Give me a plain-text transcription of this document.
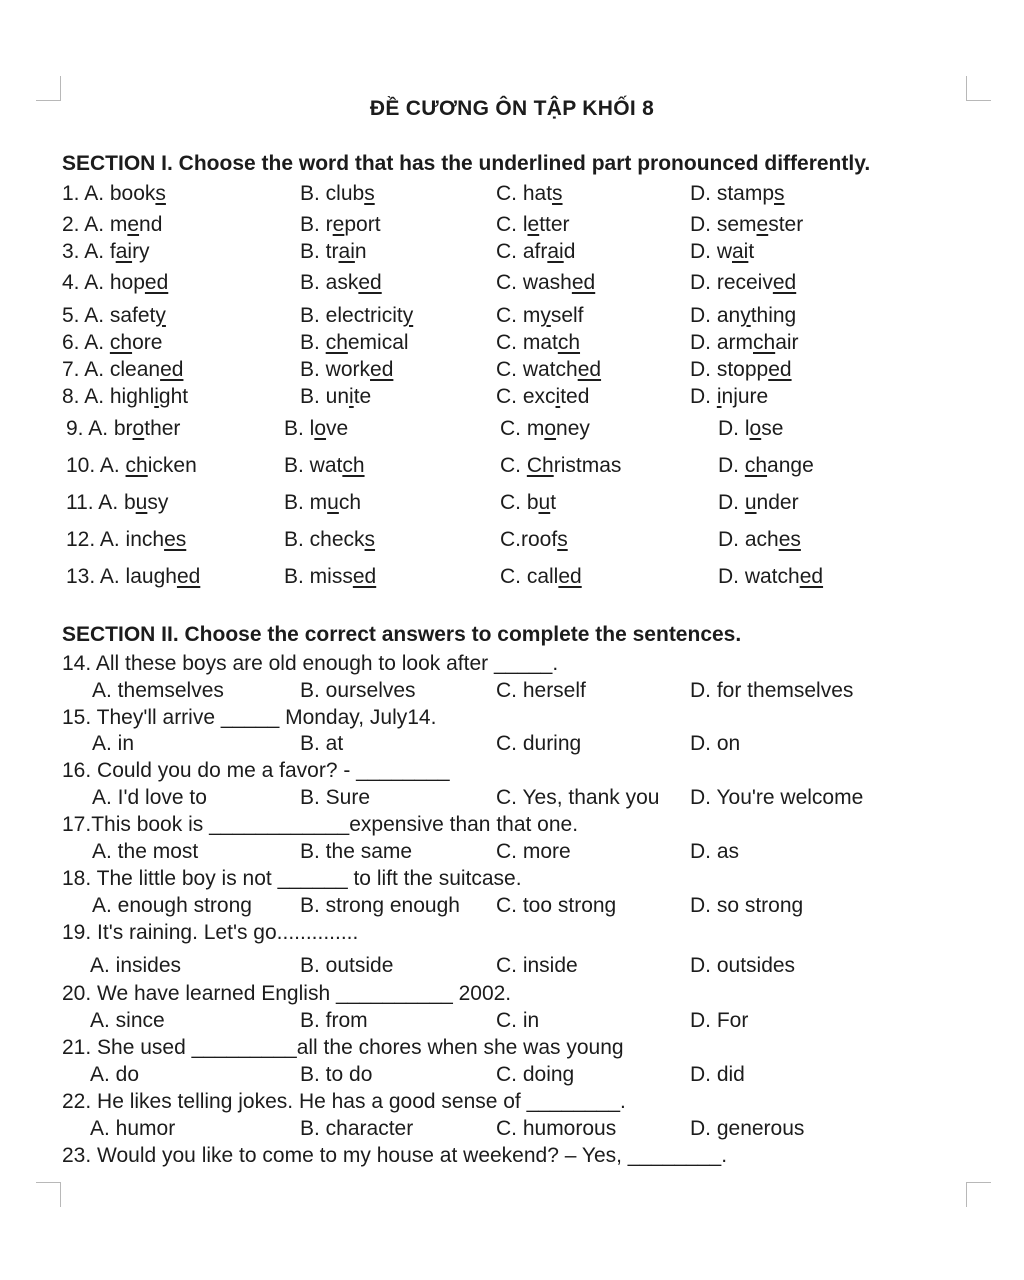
ĐỀ CƯƠNG ÔN TẬP KHỐI 8
SECTION I. Choose the word that has the underlined part pronounced differently.
1. A. books	B. clubs	C. hats	D. stamps
2. A. mend	B. report	C. letter	D. semester
3. A. fairy	B. train	C. afraid	D. wait
4. A. hoped	B. asked	C. washed	D. received
5. A. safety	B. electricity	C. myself	D. anything
6. A. chore	B. chemical	C. match	D. armchair
7. A. cleaned	B. worked	C. watched	D. stopped
8. A. highlight	B. unite	C. excited	D. injure
9. A. brother	B. love	C. money	D. lose
10. A. chicken	B. watch	C. Christmas	D. change
11. A. busy	B. much	C. but	D. under
12. A. inches	B. checks	C.roofs	D. aches
13. A. laughed	B. missed	C. called	D. watched
SECTION II. Choose the correct answers to complete the sentences.
14. All these boys are old enough to look after _____.
A. themselves	B. ourselves	C. herself	D. for themselves
15. They'll arrive _____ Monday, July14.
A. in	B. at	C. during	D. on
16. Could you do me a favor? - ________
A. I'd love to	B. Sure	C. Yes, thank you D. You're welcome
17.This book is ____________expensive than that one.
A. the most	B. the same	C. more	D. as
18. The little boy is not ______ to lift the suitcase.
A. enough strong B. strong enough C. too strong	D. so strong
19. It's raining. Let's go..............
A. insides	B. outside	C. inside	D. outsides
20. We have learned English __________ 2002.
A. since	B. from	C. in	D. For
21. She used _________all the chores when she was young
A. do	B. to do	C. doing	D. did
22. He likes telling jokes. He has a good sense of ________.
A. humor	B. character	C. humorous	D. generous
23. Would you like to come to my house at weekend? – Yes, ________.
